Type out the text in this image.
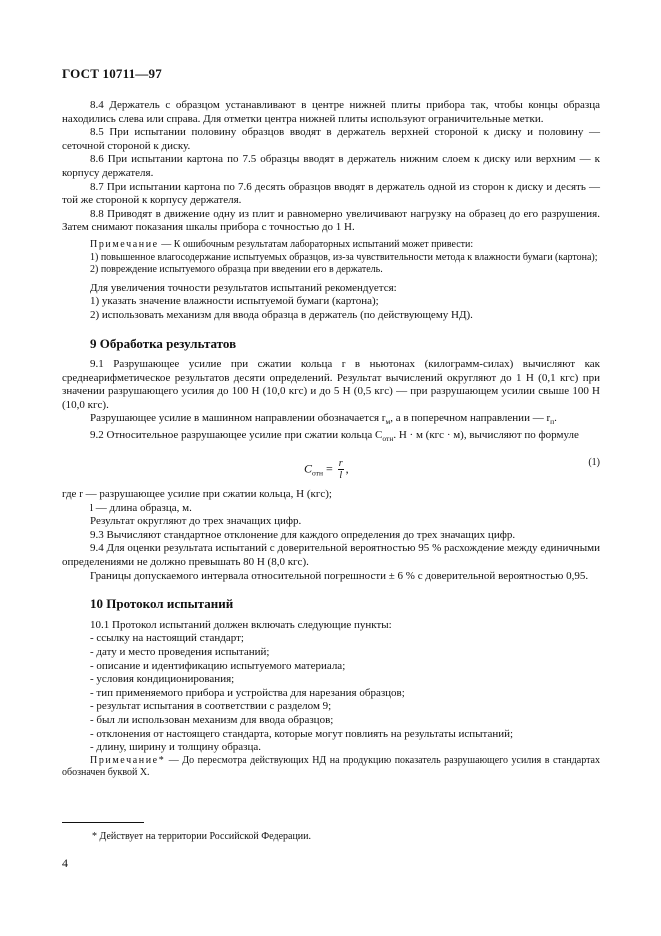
ГОСТ 10711—97

8.4 Держатель с образцом устанавливают в центре нижней плиты прибора так, чтобы концы образца находились слева или справа. Для отметки центра нижней плиты используют ограничительные метки.

8.5 При испытании половину образцов вводят в держатель верхней стороной к диску и половину — сеточной стороной к диску.

8.6 При испытании картона по 7.5 образцы вводят в держатель нижним слоем к диску или верхним — к корпусу держателя.

8.7 При испытании картона по 7.6 десять образцов вводят в держатель одной из сторон к диску и десять — той же стороной к корпусу держателя.

8.8 Приводят в движение одну из плит и равномерно увеличивают нагрузку на образец до его разрушения. Затем снимают показания шкалы прибора с точностью до 1 Н.

Примечание — К ошибочным результатам лабораторных испытаний может привести:

1) повышенное влагосодержание испытуемых образцов, из-за чувствительности метода к влажности бумаги (картона);

2) повреждение испытуемого образца при введении его в держатель.

Для увеличения точности результатов испытаний рекомендуется:

1) указать значение влажности испытуемой бумаги (картона);

2) использовать механизм для ввода образца в держатель (по действующему НД).

9 Обработка результатов

9.1 Разрушающее усилие при сжатии кольца r в ньютонах (килограмм-силах) вычисляют как среднеарифметическое результатов десяти определений. Результат вычислений округляют до 1 Н (0,1 кгс) при значении разрушающего усилия до 100 Н (10,0 кгс) и до 5 Н (0,5 кгс) — при разрушающем усилии свыше 100 Н (10,0 кгс).

Разрушающее усилие в машинном направлении обозначается $r_м$, а в поперечном направлении — $r_п$.

9.2 Относительное разрушающее усилие при сжатии кольца $C_{отн}$. Н · м (кгс · м), вычисляют по формуле

$C_{отн} = \frac{r}{l}$ ,	(1)

где r — разрушающее усилие при сжатии кольца, Н (кгс);

l — длина образца, м.

Результат округляют до трех значащих цифр.

9.3 Вычисляют стандартное отклонение для каждого определения до трех значащих цифр.

9.4 Для оценки результата испытаний с доверительной вероятностью 95 % расхождение между единичными определениями не должно превышать 80 Н (8,0 кгс).

Границы допускаемого интервала относительной погрешности ± 6 % с доверительной вероятностью 0,95.

10 Протокол испытаний

10.1 Протокол испытаний должен включать следующие пункты:

- ссылку на настоящий стандарт;
- дату и место проведения испытаний;
- описание и идентификацию испытуемого материала;
- условия кондиционирования;
- тип применяемого прибора и устройства для нарезания образцов;
- результат испытания в соответствии с разделом 9;
- был ли использован механизм для ввода образцов;
- отклонения от настоящего стандарта, которые могут повлиять на результаты испытаний;
- длину, ширину и толщину образца.

Примечание* — До пересмотра действующих НД на продукцию показатель разрушающего усилия в стандартах обозначен буквой X.

* Действует на территории Российской Федерации.
4
